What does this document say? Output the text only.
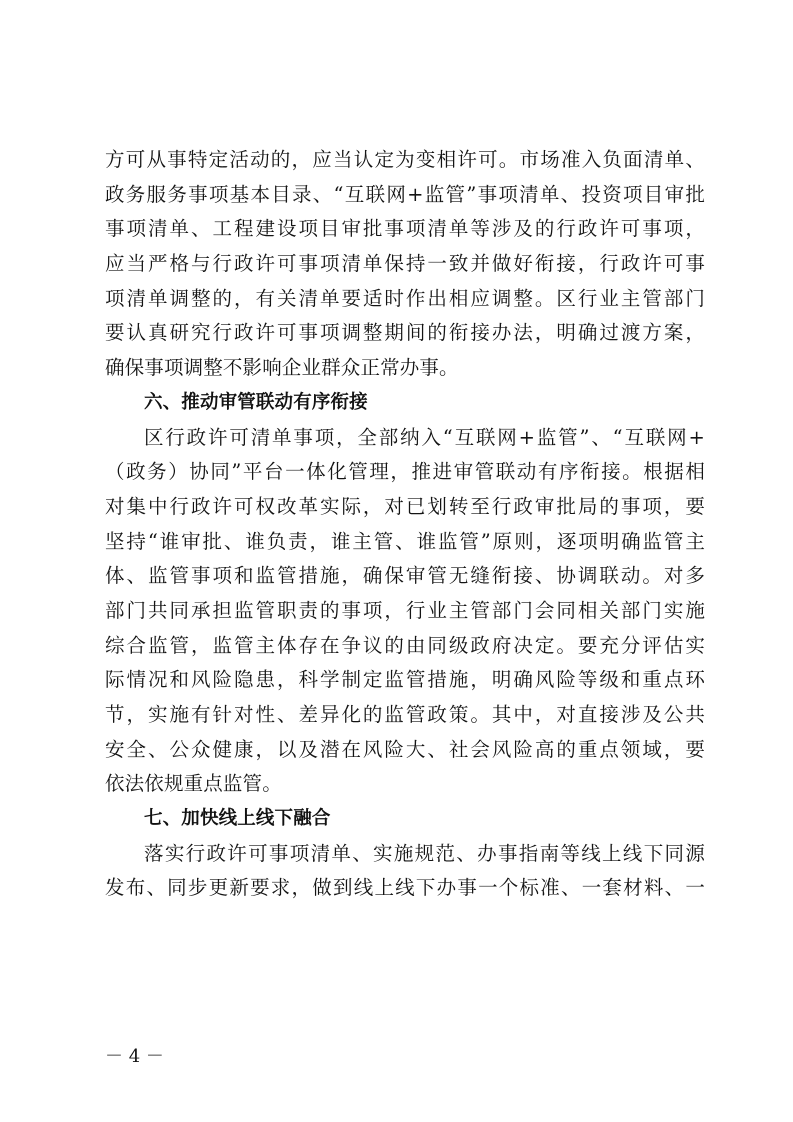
方可从事特定活动的，应当认定为变相许可。市场准入负面清单、
政务服务事项基本目录、“互联网+监管”事项清单、投资项目审批
事项清单、工程建设项目审批事项清单等涉及的行政许可事项，
应当严格与行政许可事项清单保持一致并做好衔接，行政许可事
项清单调整的，有关清单要适时作出相应调整。区行业主管部门
要认真研究行政许可事项调整期间的衔接办法，明确过渡方案，
确保事项调整不影响企业群众正常办事。
六、推动审管联动有序衔接
区行政许可清单事项，全部纳入“互联网+监管”、“互联网+
（政务）协同”平台一体化管理，推进审管联动有序衔接。根据相
对集中行政许可权改革实际，对已划转至行政审批局的事项，要
坚持“谁审批、谁负责，谁主管、谁监管”原则，逐项明确监管主
体、监管事项和监管措施，确保审管无缝衔接、协调联动。对多
部门共同承担监管职责的事项，行业主管部门会同相关部门实施
综合监管，监管主体存在争议的由同级政府决定。要充分评估实
际情况和风险隐患，科学制定监管措施，明确风险等级和重点环
节，实施有针对性、差异化的监管政策。其中，对直接涉及公共
安全、公众健康，以及潜在风险大、社会风险高的重点领域，要
依法依规重点监管。
七、加快线上线下融合
落实行政许可事项清单、实施规范、办事指南等线上线下同源
发布、同步更新要求，做到线上线下办事一个标准、一套材料、一
－ 4 －
